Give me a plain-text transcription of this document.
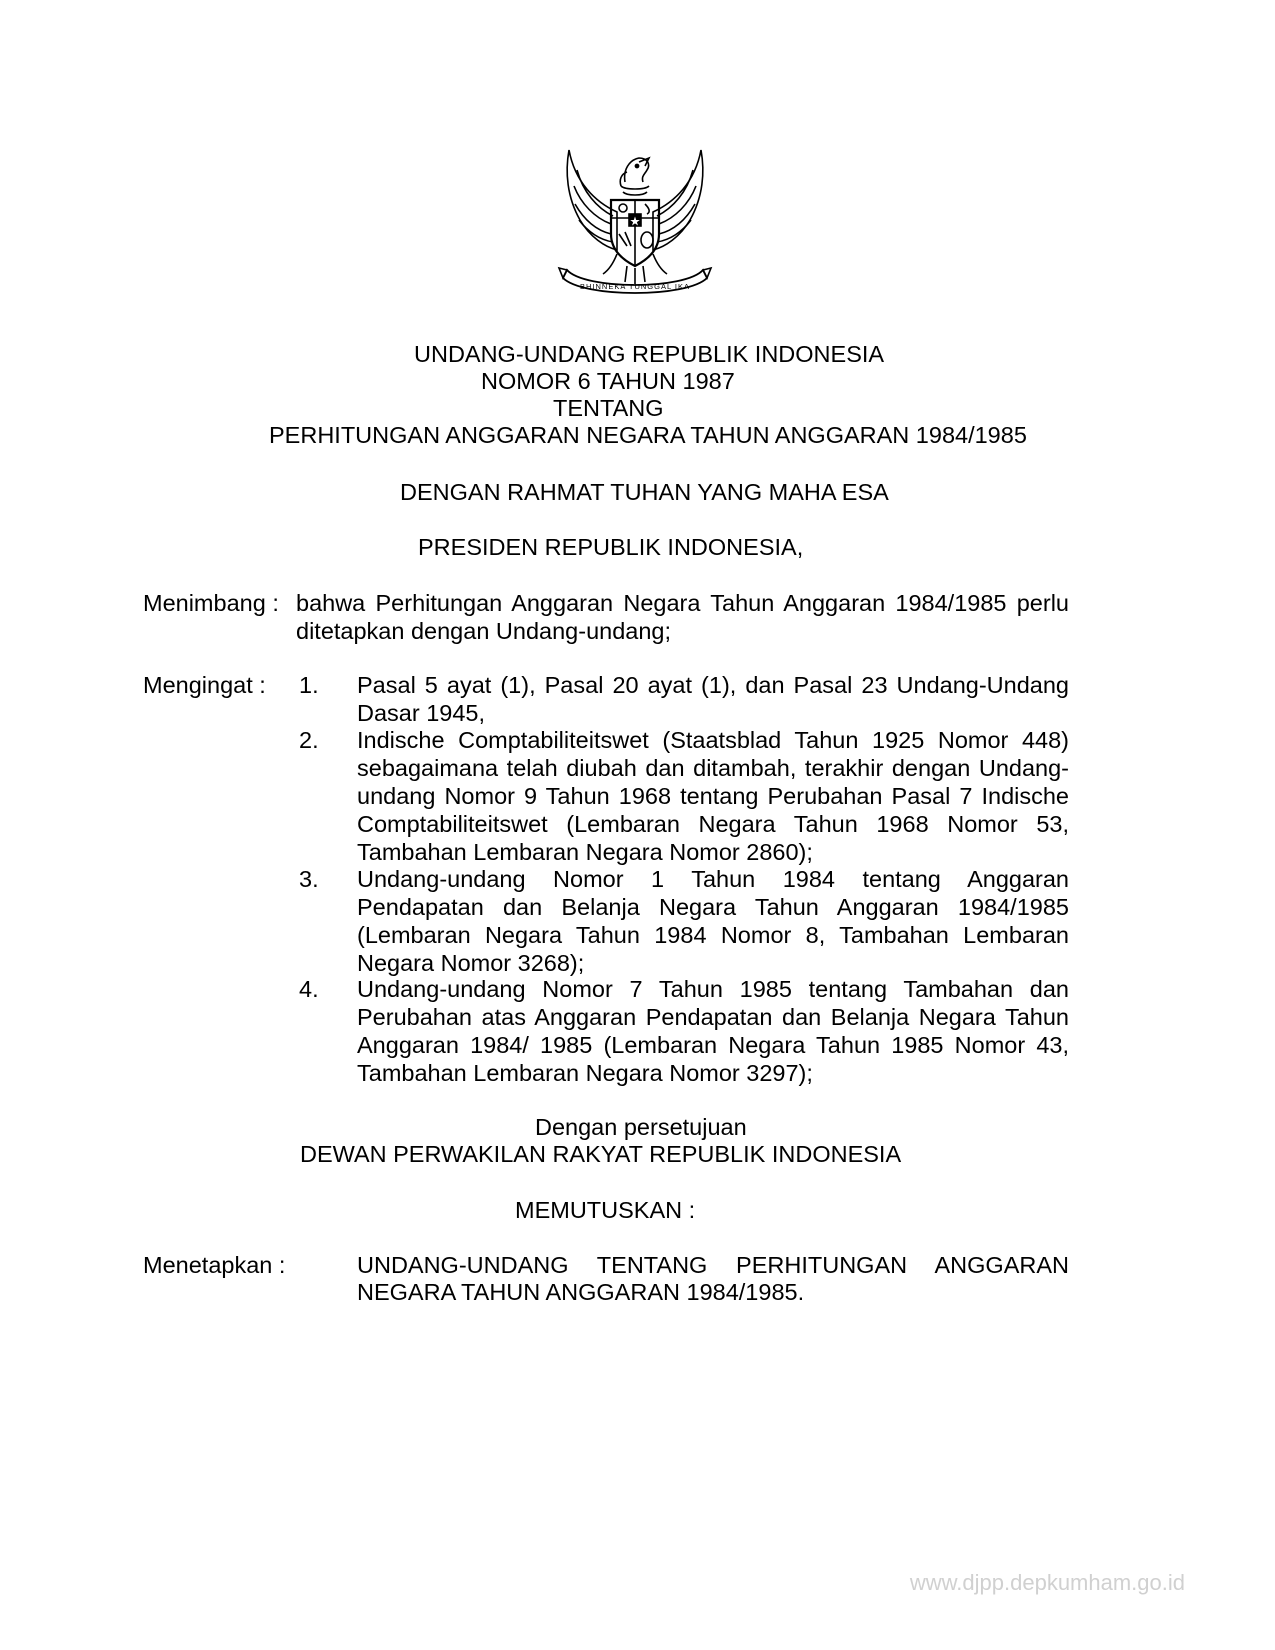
BHINNEKA TUNGGAL IKA
UNDANG-UNDANG REPUBLIK INDONESIA
NOMOR 6 TAHUN 1987
TENTANG
PERHITUNGAN ANGGARAN NEGARA TAHUN ANGGARAN 1984/1985
DENGAN RAHMAT TUHAN YANG MAHA ESA
PRESIDEN REPUBLIK INDONESIA,
Menimbang : bahwa Perhitungan Anggaran Negara Tahun Anggaran 1984/1985 perlu ditetapkan dengan Undang-undang;
Mengingat : 1. Pasal 5 ayat (1), Pasal 20 ayat (1), dan Pasal 23 Undang-Undang Dasar 1945,
2. Indische Comptabiliteitswet (Staatsblad Tahun 1925 Nomor 448) sebagaimana telah diubah dan ditambah, terakhir dengan Undang-undang Nomor 9 Tahun 1968 tentang Perubahan Pasal 7 Indische Comptabiliteitswet (Lembaran Negara Tahun 1968 Nomor 53, Tambahan Lembaran Negara Nomor 2860);
3. Undang-undang Nomor 1 Tahun 1984 tentang Anggaran Pendapatan dan Belanja Negara Tahun Anggaran 1984/1985 (Lembaran Negara Tahun 1984 Nomor 8, Tambahan Lembaran Negara Nomor 3268);
4. Undang-undang Nomor 7 Tahun 1985 tentang Tambahan dan Perubahan atas Anggaran Pendapatan dan Belanja Negara Tahun Anggaran 1984/ 1985 (Lembaran Negara Tahun 1985 Nomor 43, Tambahan Lembaran Negara Nomor 3297);
Dengan persetujuan
DEWAN PERWAKILAN RAKYAT REPUBLIK INDONESIA
MEMUTUSKAN :
Menetapkan :	UNDANG-UNDANG TENTANG PERHITUNGAN ANGGARAN
NEGARA TAHUN ANGGARAN 1984/1985.
www.djpp.depkumham.go.id
